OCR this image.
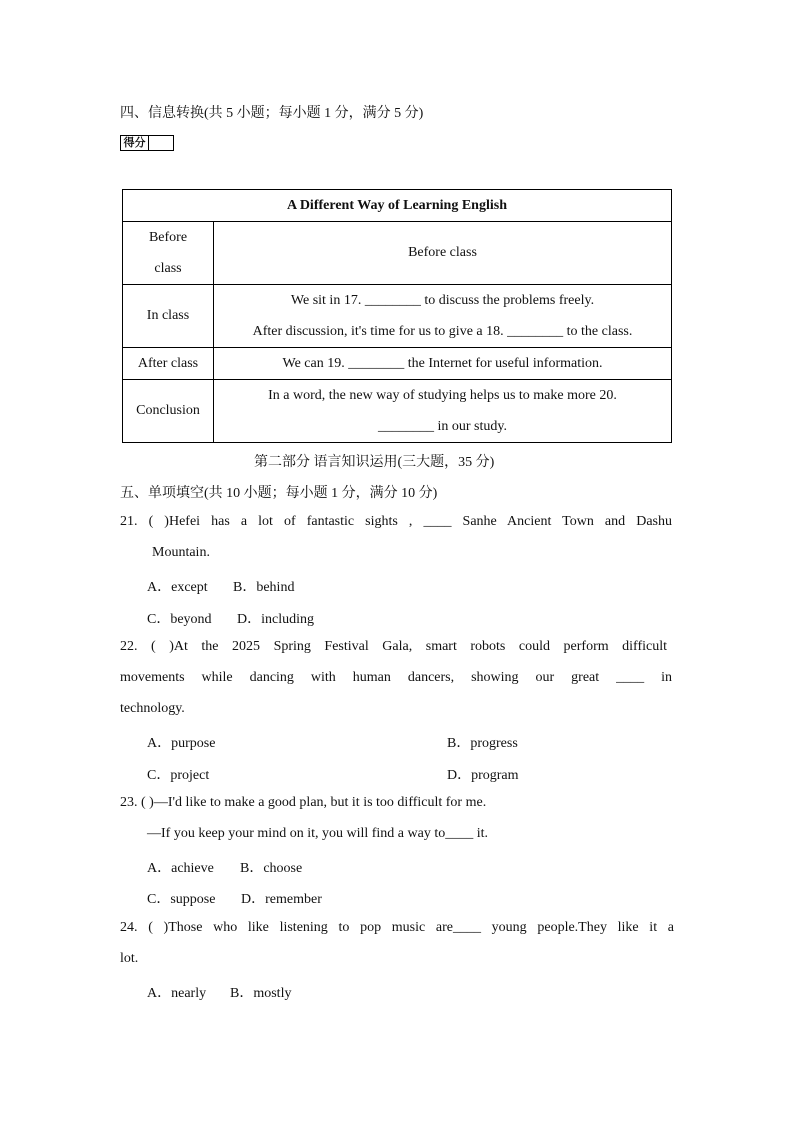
四、信息转换(共 5 小题；每小题 1 分，满分 5 分)
得分
A Different Way of Learning English	

Before
class	Before class

In class	We sit in 17. ________ to discuss the problems freely.
After discussion, it's time for us to give a 18. ________ to the class.

After class	We can 19. ________ the Internet for useful information.

Conclusion	In a word, the new way of studying helps us to make more 20.
________ in our study.
第二部分 语言知识运用(三大题，35 分)
五、单项填空(共 10 小题；每小题 1 分，满分 10 分)
21. ( )Hefei has a lot of fantastic sights , ____ Sanhe Ancient Town and Dashu
Mountain.
A．except B．behind
C．beyond D．including
22. ( )At the 2025 Spring Festival Gala, smart robots could perform difficult
movements while dancing with human dancers, showing our great ____ in
technology.
A．purpose	B．progress
C．project	D．program
23. ( )—I'd like to make a good plan, but it is too difficult for me.
—If you keep your mind on it, you will find a way to____ it.
A．achieve B．choose
C．suppose D．remember
24. ( )Those who like listening to pop music are____ young people.They like it a
lot.
A．nearly B．mostly
